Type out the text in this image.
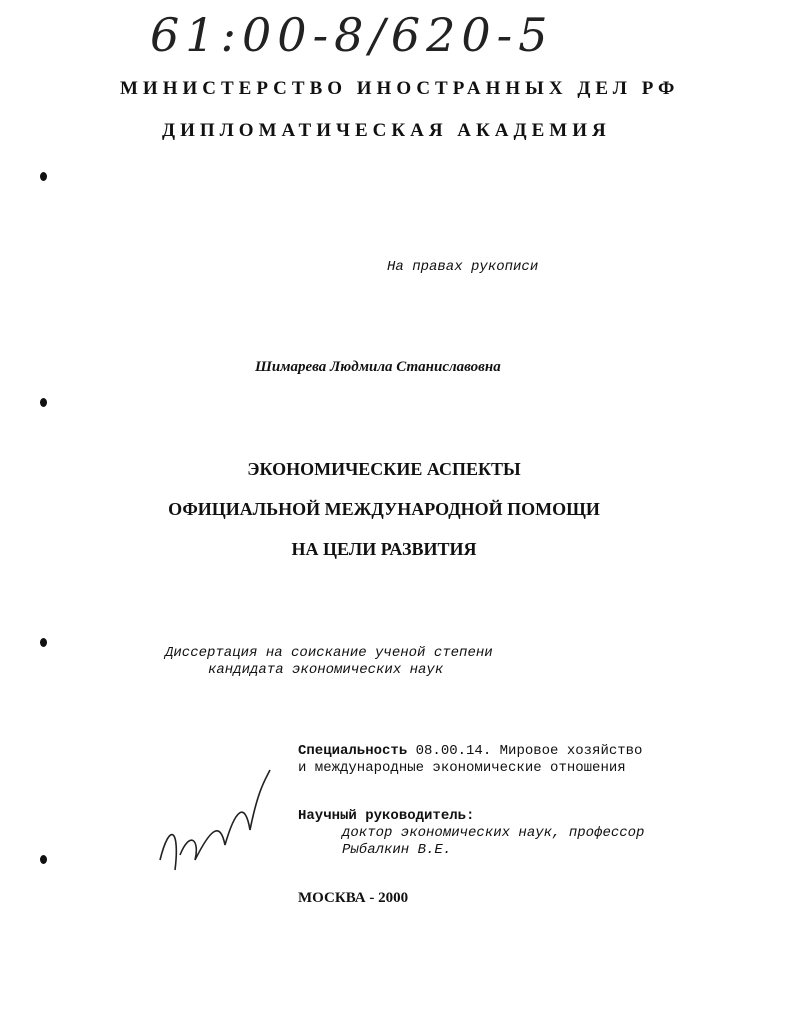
61:00-8/620-5
МИНИСТЕРСТВО ИНОСТРАННЫХ ДЕЛ РФ
ДИПЛОМАТИЧЕСКАЯ АКАДЕМИЯ
На правах рукописи
Шимарева Людмила Станиславовна
ЭКОНОМИЧЕСКИЕ АСПЕКТЫ
ОФИЦИАЛЬНОЙ МЕЖДУНАРОДНОЙ ПОМОЩИ
НА ЦЕЛИ РАЗВИТИЯ
Диссертация на соискание ученой степени
кандидата экономических наук
Специальность 08.00.14. Мировое хозяйство
и международные экономические отношения
Научный руководитель:
доктор экономических наук, профессор
Рыбалкин В.Е.
МОСКВА - 2000
